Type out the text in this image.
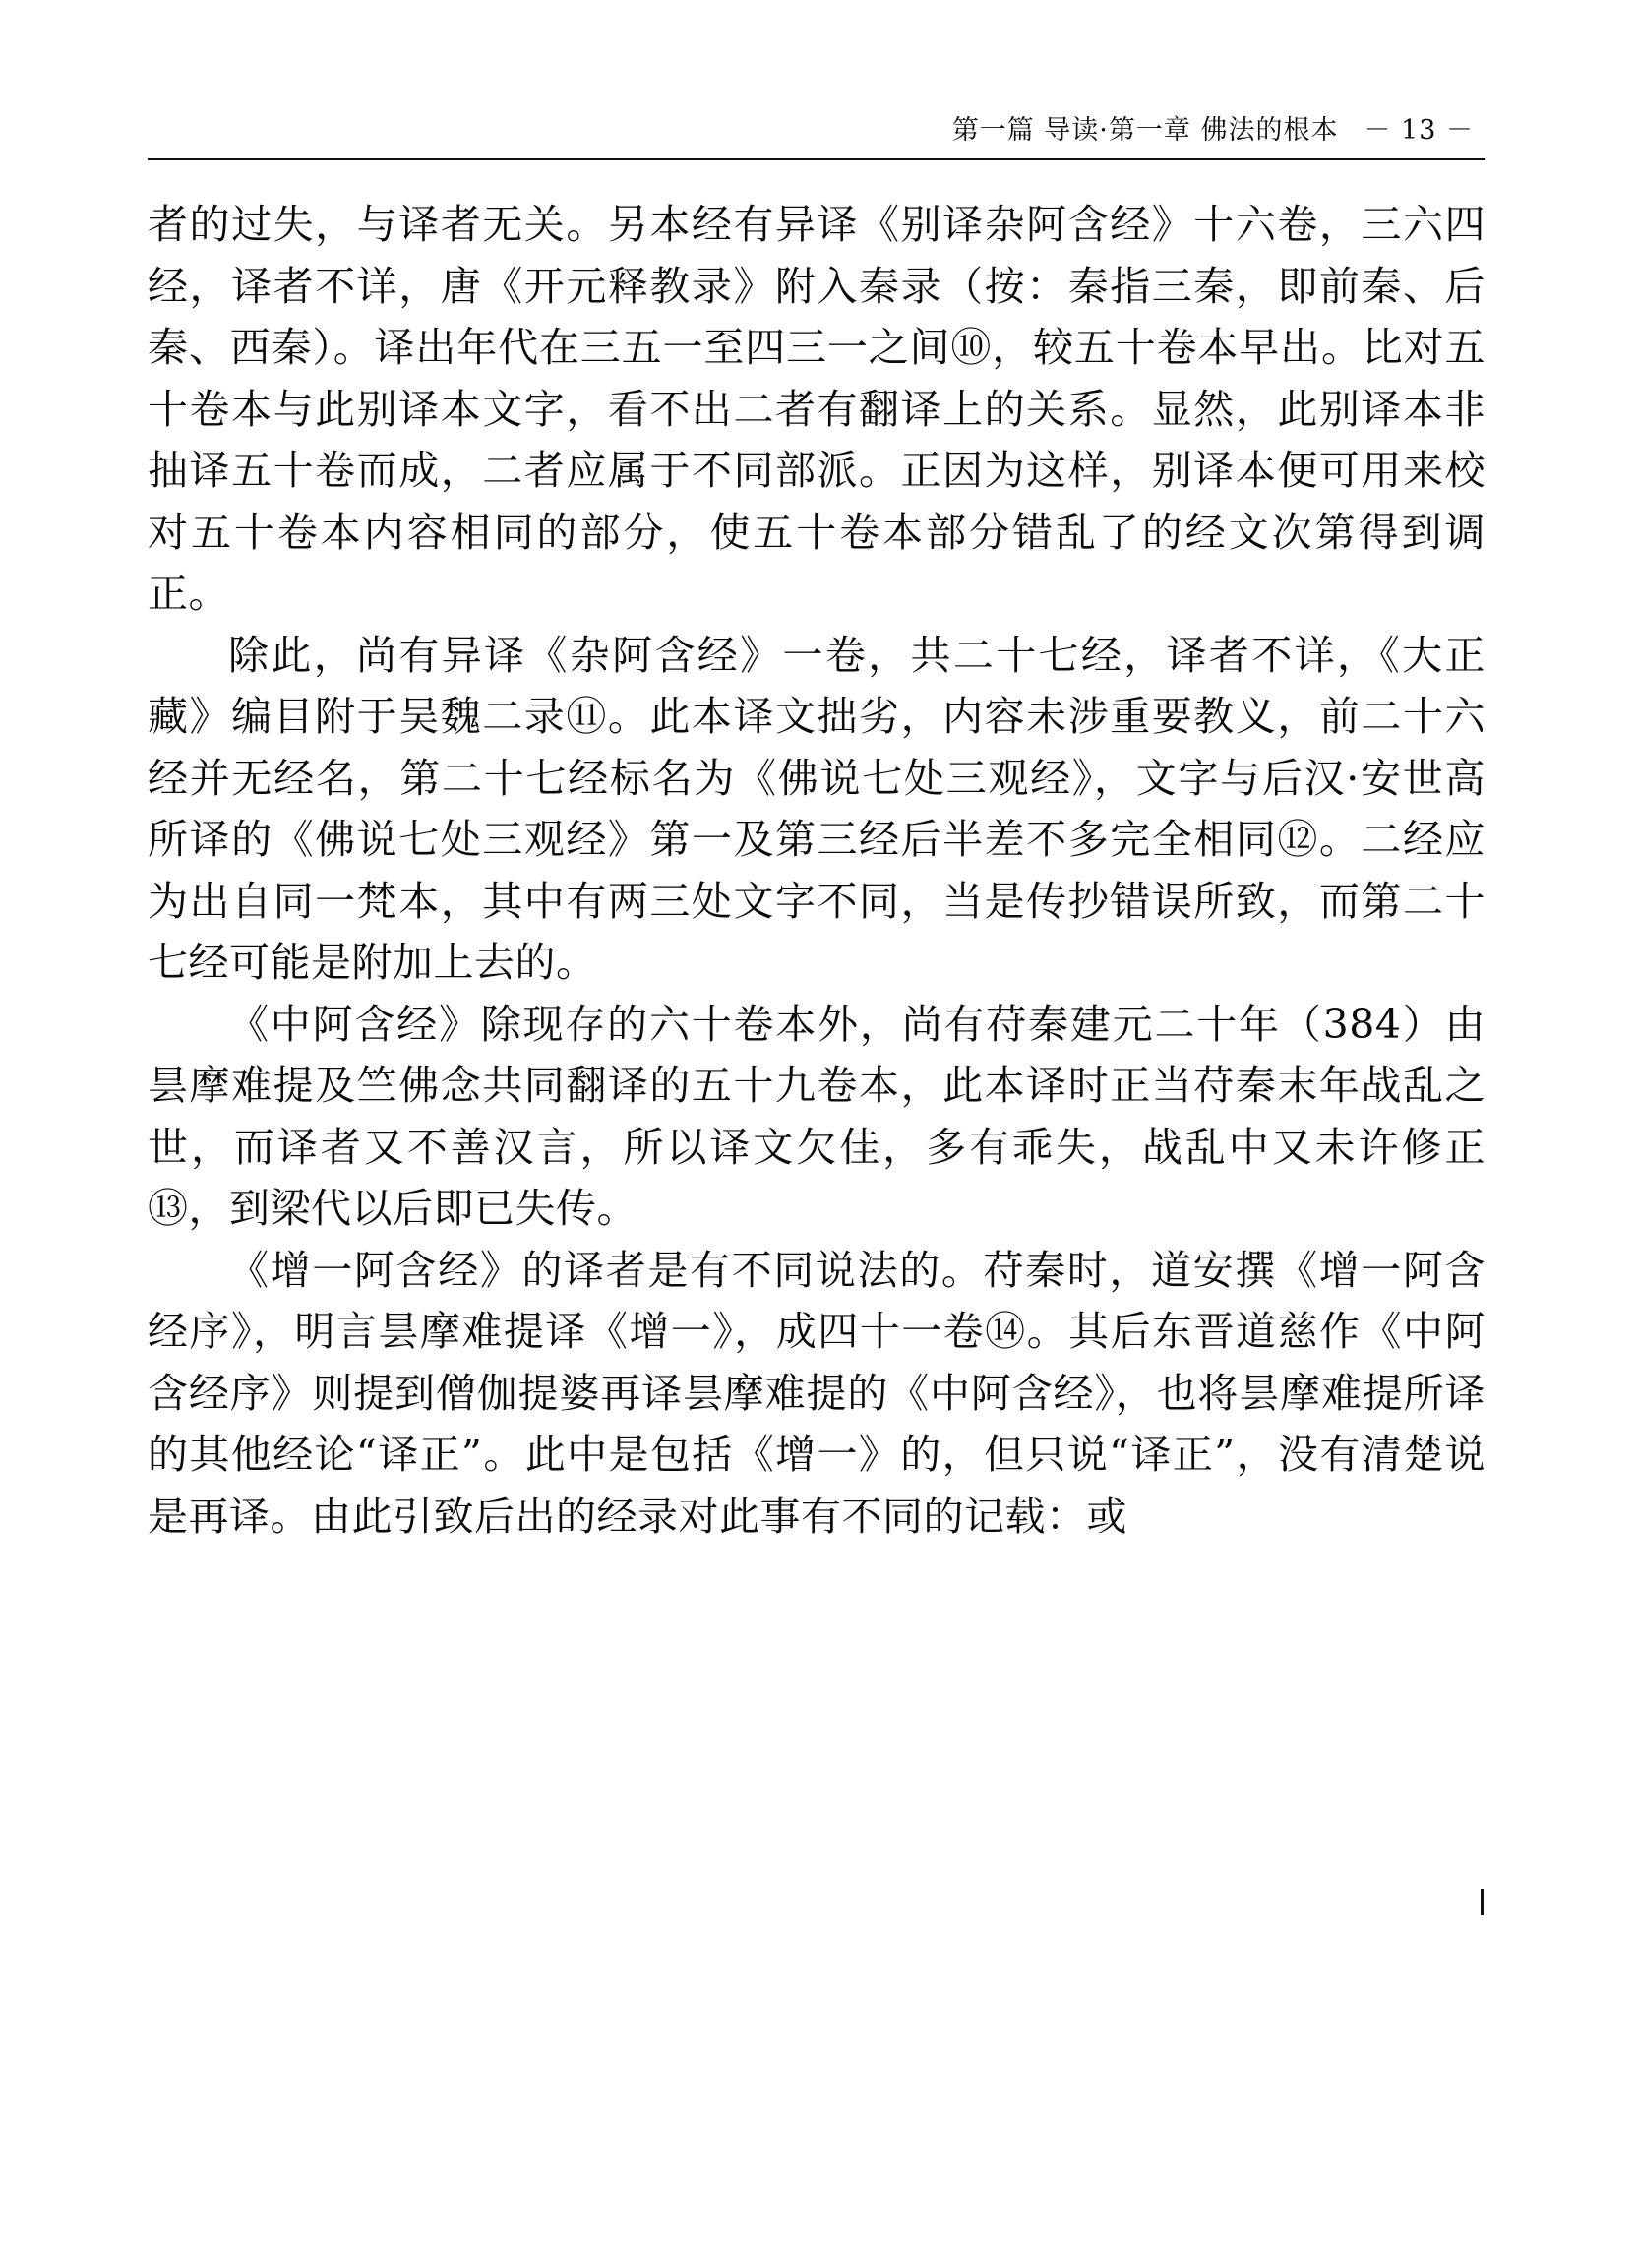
第一篇 导读·第一章 佛法的根本 － 13 －

者的过失，与译者无关。另本经有异译《别译杂阿含经》十六卷，三六四经，译者不详，唐《开元释教录》附入秦录（按：秦指三秦，即前秦、后秦、西秦）。译出年代在三五一至四三一之间⑩，较五十卷本早出。比对五十卷本与此别译本文字，看不出二者有翻译上的关系。显然，此别译本非抽译五十卷而成，二者应属于不同部派。正因为这样，别译本便可用来校对五十卷本内容相同的部分，使五十卷本部分错乱了的经文次第得到调正。

除此，尚有异译《杂阿含经》一卷，共二十七经，译者不详，《大正藏》编目附于吴魏二录⑪。此本译文拙劣，内容未涉重要教义，前二十六经并无经名，第二十七经标名为《佛说七处三观经》，文字与后汉·安世高所译的《佛说七处三观经》第一及第三经后半差不多完全相同⑫。二经应为出自同一梵本，其中有两三处文字不同，当是传抄错误所致，而第二十七经可能是附加上去的。

《中阿含经》除现存的六十卷本外，尚有苻秦建元二十年（384）由昙摩难提及竺佛念共同翻译的五十九卷本，此本译时正当苻秦末年战乱之世，而译者又不善汉言，所以译文欠佳，多有乖失，战乱中又未许修正⑬，到梁代以后即已失传。

《增一阿含经》的译者是有不同说法的。苻秦时，道安撰《增一阿含经序》，明言昙摩难提译《增一》，成四十一卷⑭。其后东晋道慈作《中阿含经序》则提到僧伽提婆再译昙摩难提的《中阿含经》，也将昙摩难提所译的其他经论“译正”。此中是包括《增一》的，但只说“译正”，没有清楚说是再译。由此引致后出的经录对此事有不同的记载：或
